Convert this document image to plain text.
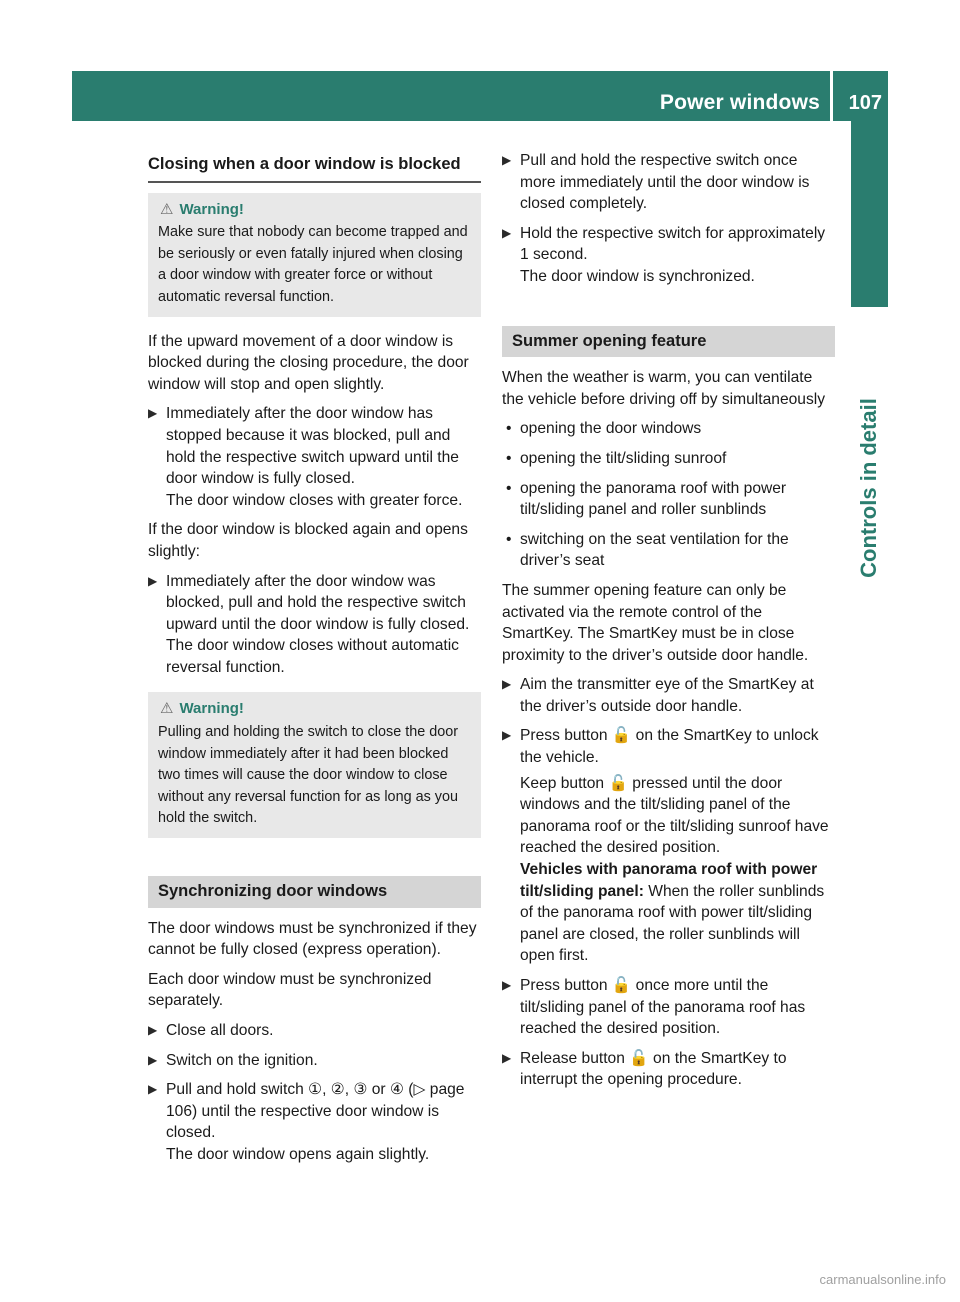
Power windows 107
Controls in detail
Closing when a door window is blocked
⚠ Warning!
Make sure that nobody can become trapped and be seriously or even fatally injured when closing a door window with greater force or without automatic reversal function.
If the upward movement of a door window is blocked during the closing procedure, the door window will stop and open slightly.
▶ Immediately after the door window has stopped because it was blocked, pull and hold the respective switch upward until the door window is fully closed.
The door window closes with greater force.
If the door window is blocked again and opens slightly:
▶ Immediately after the door window was blocked, pull and hold the respective switch upward until the door window is fully closed.
The door window closes without automatic reversal function.
⚠ Warning!
Pulling and holding the switch to close the door window immediately after it had been blocked two times will cause the door window to close without any reversal function for as long as you hold the switch.
Synchronizing door windows
The door windows must be synchronized if they cannot be fully closed (express operation).
Each door window must be synchronized separately.
▶ Close all doors.
▶ Switch on the ignition.
▶ Pull and hold switch ①, ②, ③ or ④ (▷ page 106) until the respective door window is closed.
The door window opens again slightly.
▶ Pull and hold the respective switch once more immediately until the door window is closed completely.
▶ Hold the respective switch for approximately 1 second.
The door window is synchronized.
Summer opening feature
When the weather is warm, you can ventilate the vehicle before driving off by simultaneously
• opening the door windows
• opening the tilt/sliding sunroof
• opening the panorama roof with power tilt/sliding panel and roller sunblinds
• switching on the seat ventilation for the driver’s seat
The summer opening feature can only be activated via the remote control of the SmartKey. The SmartKey must be in close proximity to the driver’s outside door handle.
▶ Aim the transmitter eye of the SmartKey at the driver’s outside door handle.
▶ Press button 🔓 on the SmartKey to unlock the vehicle.
Keep button 🔓 pressed until the door windows and the tilt/sliding panel of the panorama roof or the tilt/sliding sunroof have reached the desired position.
Vehicles with panorama roof with power tilt/sliding panel: When the roller sunblinds of the panorama roof with power tilt/sliding panel are closed, the roller sunblinds will open first.
▶ Press button 🔓 once more until the tilt/sliding panel of the panorama roof has reached the desired position.
▶ Release button 🔓 on the SmartKey to interrupt the opening procedure.
carmanualsonline.info
